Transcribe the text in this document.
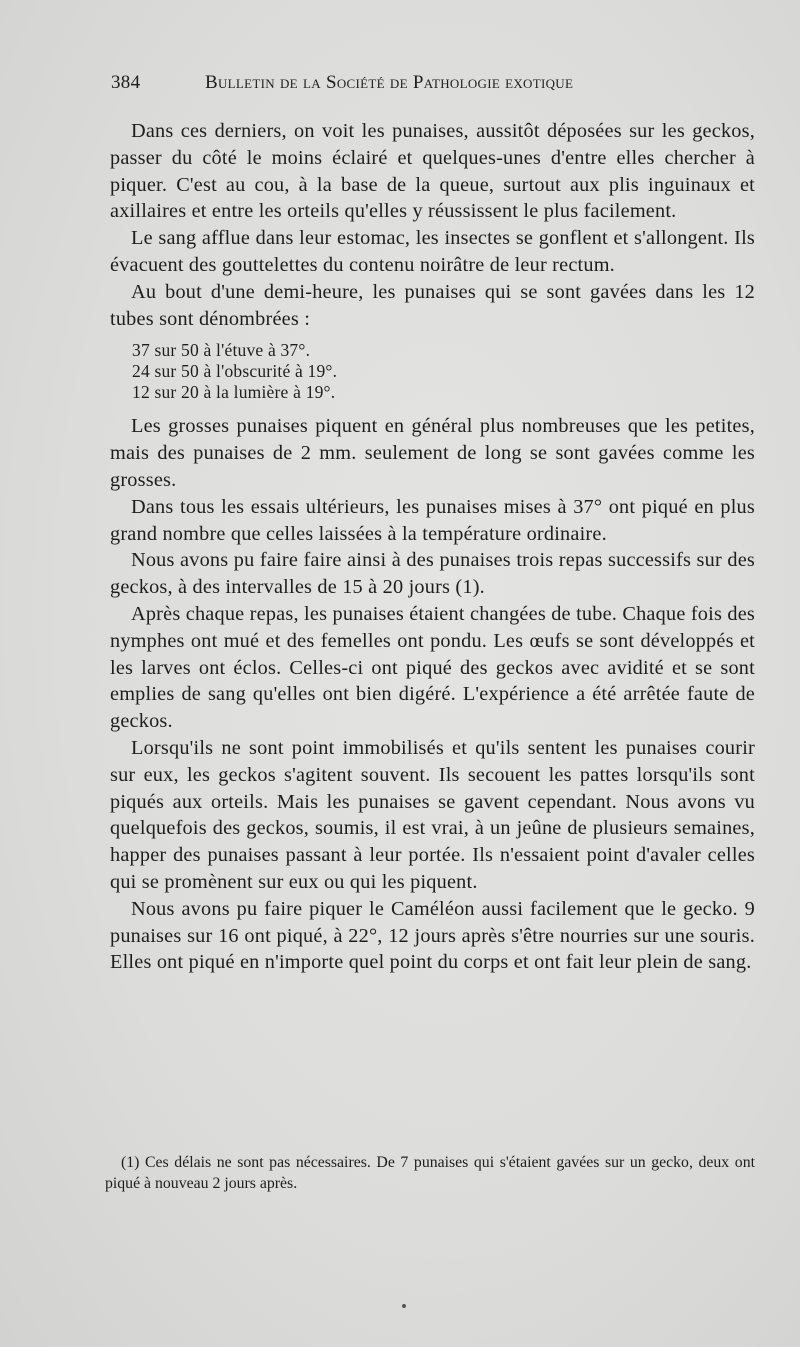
384	Bulletin de la Société de Pathologie exotique

Dans ces derniers, on voit les punaises, aussitôt déposées sur les geckos, passer du côté le moins éclairé et quelques-unes d'entre elles chercher à piquer. C'est au cou, à la base de la queue, surtout aux plis inguinaux et axillaires et entre les orteils qu'elles y réussissent le plus facilement.

Le sang afflue dans leur estomac, les insectes se gonflent et s'allongent. Ils évacuent des gouttelettes du contenu noirâtre de leur rectum.

Au bout d'une demi-heure, les punaises qui se sont gavées dans les 12 tubes sont dénombrées :

37 sur 50 à l'étuve à 37°.
24 sur 50 à l'obscurité à 19°.
12 sur 20 à la lumière à 19°.

Les grosses punaises piquent en général plus nombreuses que les petites, mais des punaises de 2 mm. seulement de long se sont gavées comme les grosses.

Dans tous les essais ultérieurs, les punaises mises à 37° ont piqué en plus grand nombre que celles laissées à la température ordinaire.

Nous avons pu faire faire ainsi à des punaises trois repas successifs sur des geckos, à des intervalles de 15 à 20 jours (1).

Après chaque repas, les punaises étaient changées de tube. Chaque fois des nymphes ont mué et des femelles ont pondu. Les œufs se sont développés et les larves ont éclos. Celles-ci ont piqué des geckos avec avidité et se sont emplies de sang qu'elles ont bien digéré. L'expérience a été arrêtée faute de geckos.

Lorsqu'ils ne sont point immobilisés et qu'ils sentent les punaises courir sur eux, les geckos s'agitent souvent. Ils secouent les pattes lorsqu'ils sont piqués aux orteils. Mais les punaises se gavent cependant. Nous avons vu quelquefois des geckos, soumis, il est vrai, à un jeûne de plusieurs semaines, happer des punaises passant à leur portée. Ils n'essaient point d'avaler celles qui se promènent sur eux ou qui les piquent.

Nous avons pu faire piquer le Caméléon aussi facilement que le gecko. 9 punaises sur 16 ont piqué, à 22°, 12 jours après s'être nourries sur une souris. Elles ont piqué en n'importe quel point du corps et ont fait leur plein de sang.

(1) Ces délais ne sont pas nécessaires. De 7 punaises qui s'étaient gavées sur un gecko, deux ont piqué à nouveau 2 jours après.
